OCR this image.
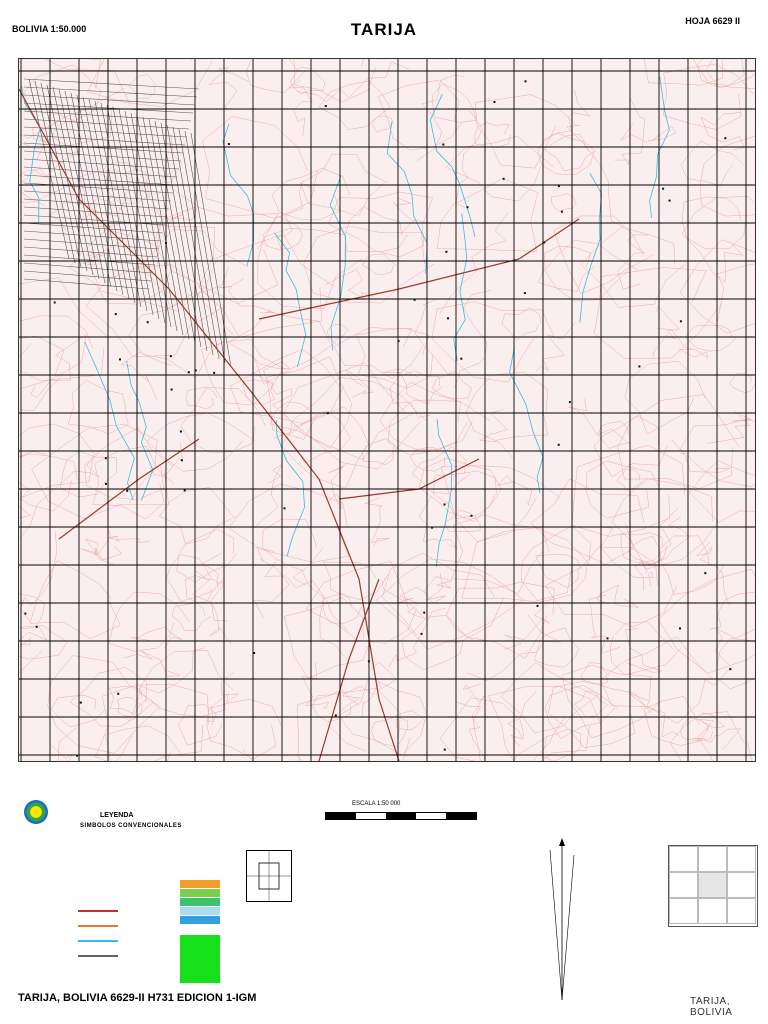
BOLIVIA 1:50.000	TARIJA	HOJA 6629 II
LEYENDA
SIMBOLOS CONVENCIONALES
ESCALA 1:50 000
TARIJA, BOLIVIA 6629-II H731 EDICION 1-IGM	TARIJA, BOLIVIA
